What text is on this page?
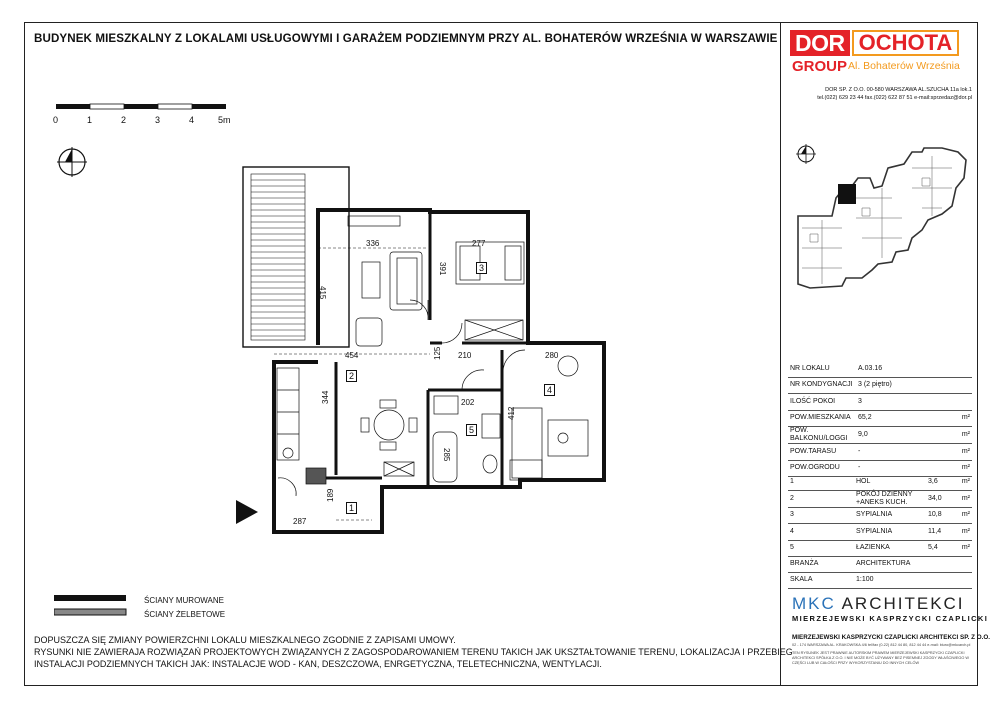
BUDYNEK MIESZKALNY Z LOKALAMI USŁUGOWYMI I GARAŻEM PODZIEMNYM PRZY AL. BOHATERÓW WRZEŚNIA W WARSZAWIE
0	1	2	3	4	5m
336	277
415
391
454	125 210	280
202
344
412
285
189
287
2
3
4
5
1
ŚCIANY MUROWANE
ŚCIANY ŻELBETOWE
DOPUSZCZA SIĘ ZMIANY POWIERZCHNI LOKALU MIESZKALNEGO ZGODNIE Z ZAPISAMI UMOWY.
RYSUNKI NIE ZAWIERAJA ROZWIĄZAŃ PROJEKTOWYCH ZWIĄZANYCH Z ZAGOSPODAROWANIEM TERENU TAKICH JAK UKSZTAŁTOWANIE TERENU, LOKALIZACJA I PRZEBIEG
INSTALACJI PODZIEMNYCH TAKICH JAK: INSTALACJE WOD - KAN, DESZCZOWA, ENRGETYCZNA, TELETECHNICZNA, WENTYLACJI.
DOR OCHOTA
GROUP Al. Bohaterów Września
DOR SP. Z O.O. 00-580 WARSZAWA AL.SZUCHA 11a lok.1
tel.(022) 629 23 44 fax.(022) 622 87 51 e-mail:sprzedaz@dor.pl
NR LOKALU	A.03.16	
NR KONDYGNACJI	3 (2 piętro)	
ILOŚĆ POKOI	3	
POW.MIESZKANIA	65,2	m²
POW. BALKONU/LOGGI	9,0	m²
POW.TARASU	-	m²
POW.OGRODU	-	m²
1	HOL	3,6	m²
2	POKÓJ DZIENNY +ANEKS KUCH.	34,0	m²
3	SYPIALNIA	10,8	m²
4	SYPIALNIA	11,4	m²
5	ŁAZIENKA	5,4	m²
BRANŻA	ARCHITEKTURA
SKALA	1:100
MKC ARCHITEKCI
MIERZEJEWSKI KASPRZYCKI CZAPLICKI
MIERZEJEWSKI KASPRZYCKI CZAPLICKI ARCHITEKCI SP. Z O.O.
02 - 174 WARSZAWA AL. KRAKOWSKA 4/6 tel/fax (0-22) 812 44 80, 812 44 44 e-mail: biuro@mkcarch.pl
TEN RYSUNEK JEST PRAWNIE AUTORSKIM PRAWEM MIERZEJEWSKI KASPRZYCKI CZAPLICKI ARCHITEKCI SPÓŁKA Z O.O. I NIE MOŻE BYĆ UŻYWANY BEZ PISEMNEJ ZGODY WŁAŚCIWEGO W CZĘŚCI LUB W CAŁOŚCI PRZY WYKORZYSTANIU DO INNYCH CELÓW
